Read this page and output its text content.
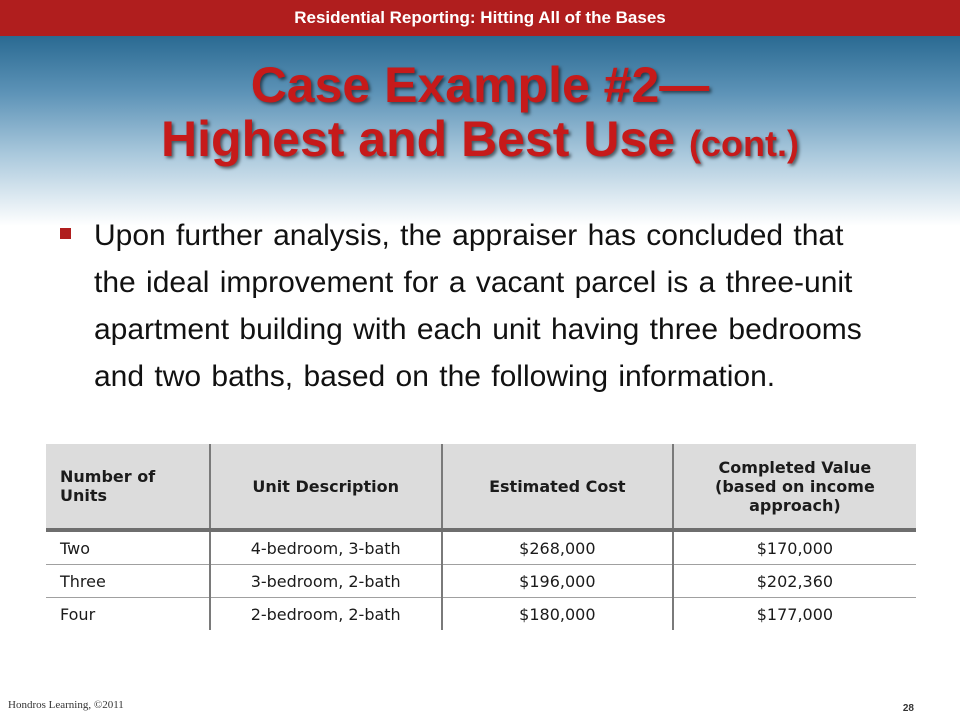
Residential Reporting: Hitting All of the Bases
Case Example #2—
Highest and Best Use (cont.)
Upon further analysis, the appraiser has concluded that the ideal improvement for a vacant parcel is a three-unit apartment building with each unit having three bedrooms and two baths, based on the following information.
Number of Units	Unit Description	Estimated Cost	Completed Value (based on income approach)
Two	4-bedroom, 3-bath	$268,000	$170,000
Three	3-bedroom, 2-bath	$196,000	$202,360
Four	2-bedroom, 2-bath	$180,000	$177,000
Hondros Learning, ©2011	28
